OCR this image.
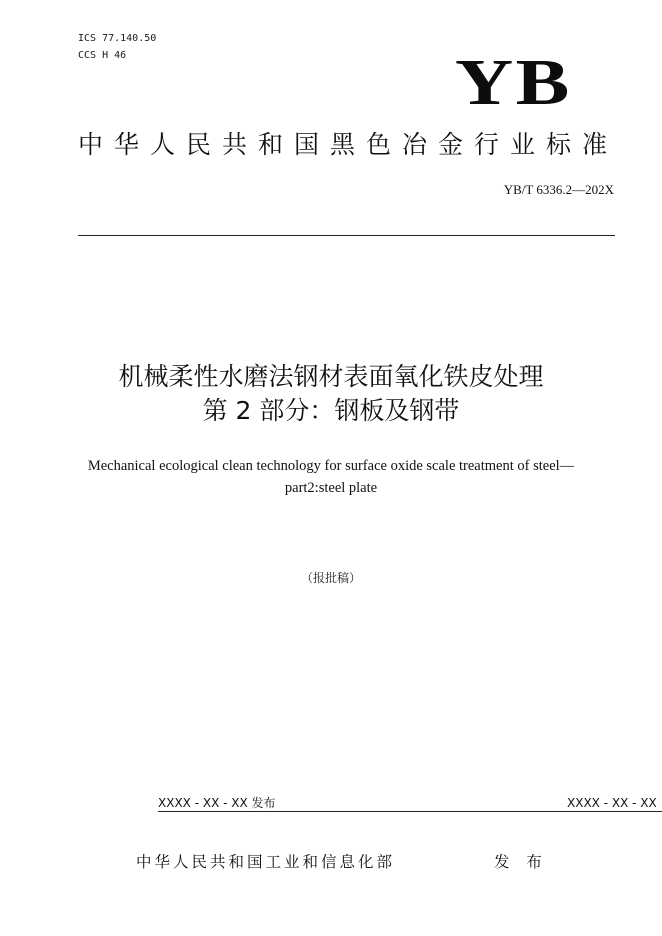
ICS 77.140.50
CCS H 46	YB
中华人民共和国黑色冶金行业标准
YB/T 6336.2—202X
机械柔性水磨法钢材表面氧化铁皮处理
第 2 部分：钢板及钢带
Mechanical ecological clean technology for surface oxide scale treatment of steel—
part2:steel plate
（报批稿）
XXXX - XX - XX 发布	XXXX - XX - XX
中华人民共和国工业和信息化部	发 布
